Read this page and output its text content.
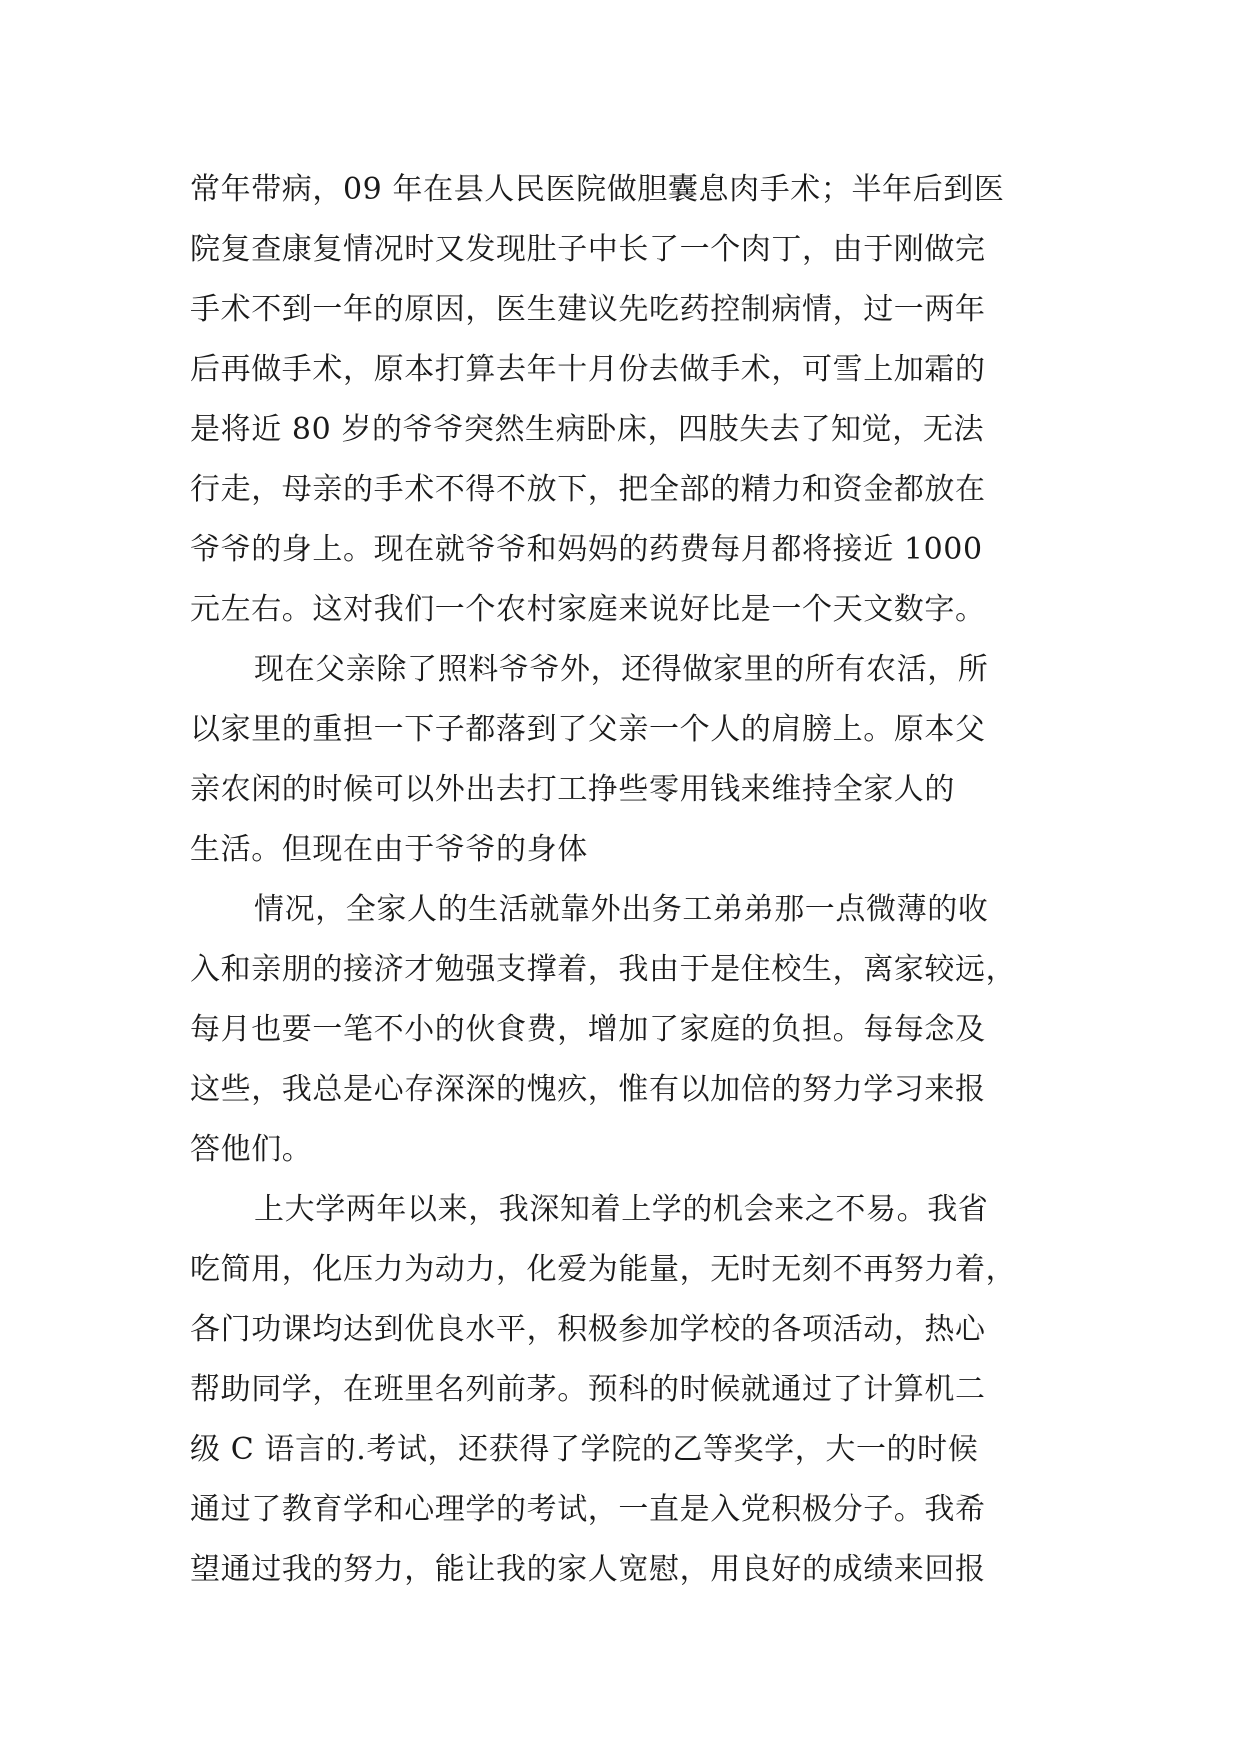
常年带病，09 年在县人民医院做胆囊息肉手术；半年后到医
院复查康复情况时又发现肚子中长了一个肉丁，由于刚做完
手术不到一年的原因，医生建议先吃药控制病情，过一两年
后再做手术，原本打算去年十月份去做手术，可雪上加霜的
是将近 80 岁的爷爷突然生病卧床，四肢失去了知觉，无法
行走，母亲的手术不得不放下，把全部的精力和资金都放在
爷爷的身上。现在就爷爷和妈妈的药费每月都将接近 1000
元左右。这对我们一个农村家庭来说好比是一个天文数字。
现在父亲除了照料爷爷外，还得做家里的所有农活，所
以家里的重担一下子都落到了父亲一个人的肩膀上。原本父
亲农闲的时候可以外出去打工挣些零用钱来维持全家人的
生活。但现在由于爷爷的身体
情况，全家人的生活就靠外出务工弟弟那一点微薄的收
入和亲朋的接济才勉强支撑着，我由于是住校生，离家较远，
每月也要一笔不小的伙食费，增加了家庭的负担。每每念及
这些，我总是心存深深的愧疚，惟有以加倍的努力学习来报
答他们。
上大学两年以来，我深知着上学的机会来之不易。我省
吃简用，化压力为动力，化爱为能量，无时无刻不再努力着，
各门功课均达到优良水平，积极参加学校的各项活动，热心
帮助同学，在班里名列前茅。预科的时候就通过了计算机二
级 C 语言的.考试，还获得了学院的乙等奖学，大一的时候
通过了教育学和心理学的考试，一直是入党积极分子。我希
望通过我的努力，能让我的家人宽慰，用良好的成绩来回报
